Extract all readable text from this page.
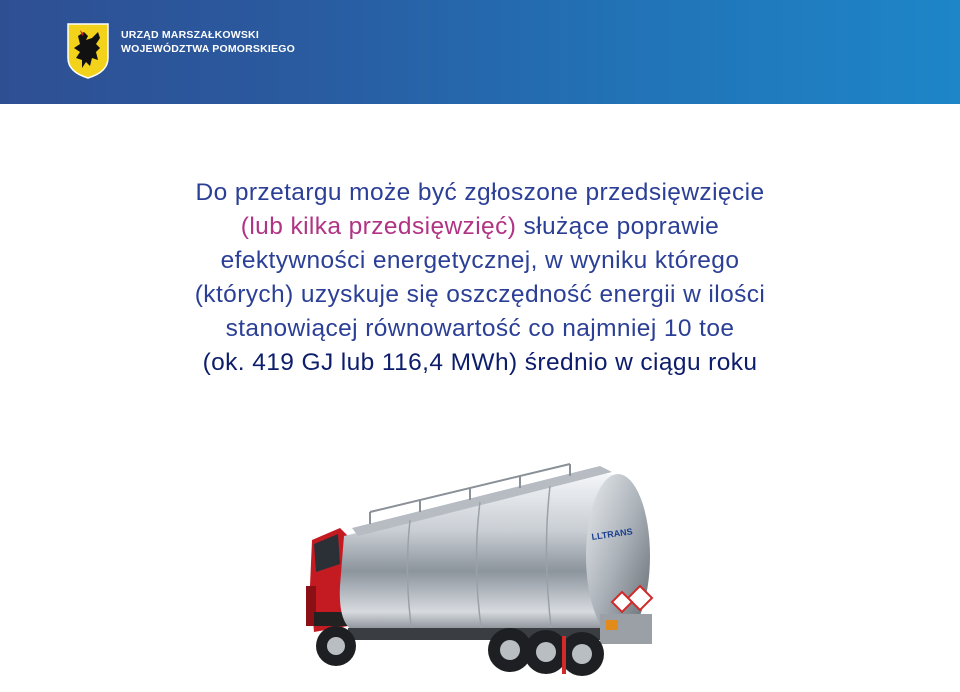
URZĄD MARSZAŁKOWSKI
WOJEWÓDZTWA POMORSKIEGO
Do przetargu może być zgłoszone przedsięwzięcie
(lub kilka przedsięwzięć) służące poprawie
efektywności energetycznej, w wyniku którego
(których) uzyskuje się oszczędność energii w ilości
stanowiącej równowartość co najmniej 10 toe
(ok. 419 GJ lub 116,4 MWh) średnio w ciągu roku
LLTRANS
